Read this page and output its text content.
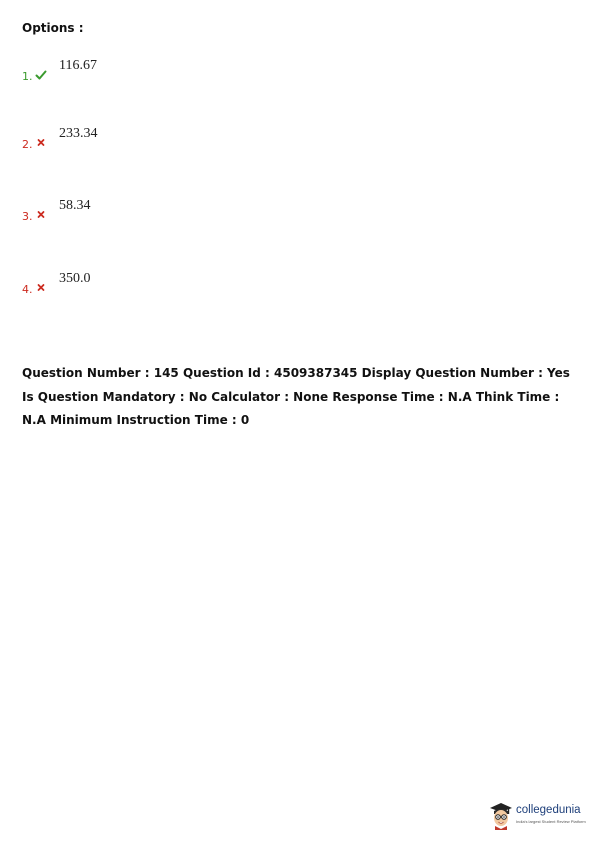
Options :
1.
116.67
2.
233.34
3.
58.34
4.
350.0
Question Number : 145 Question Id : 4509387345 Display Question Number : Yes Is Question Mandatory : No Calculator : None Response Time : N.A Think Time : N.A Minimum Instruction Time : 0
collegedunia
India's largest Student Review Platform
